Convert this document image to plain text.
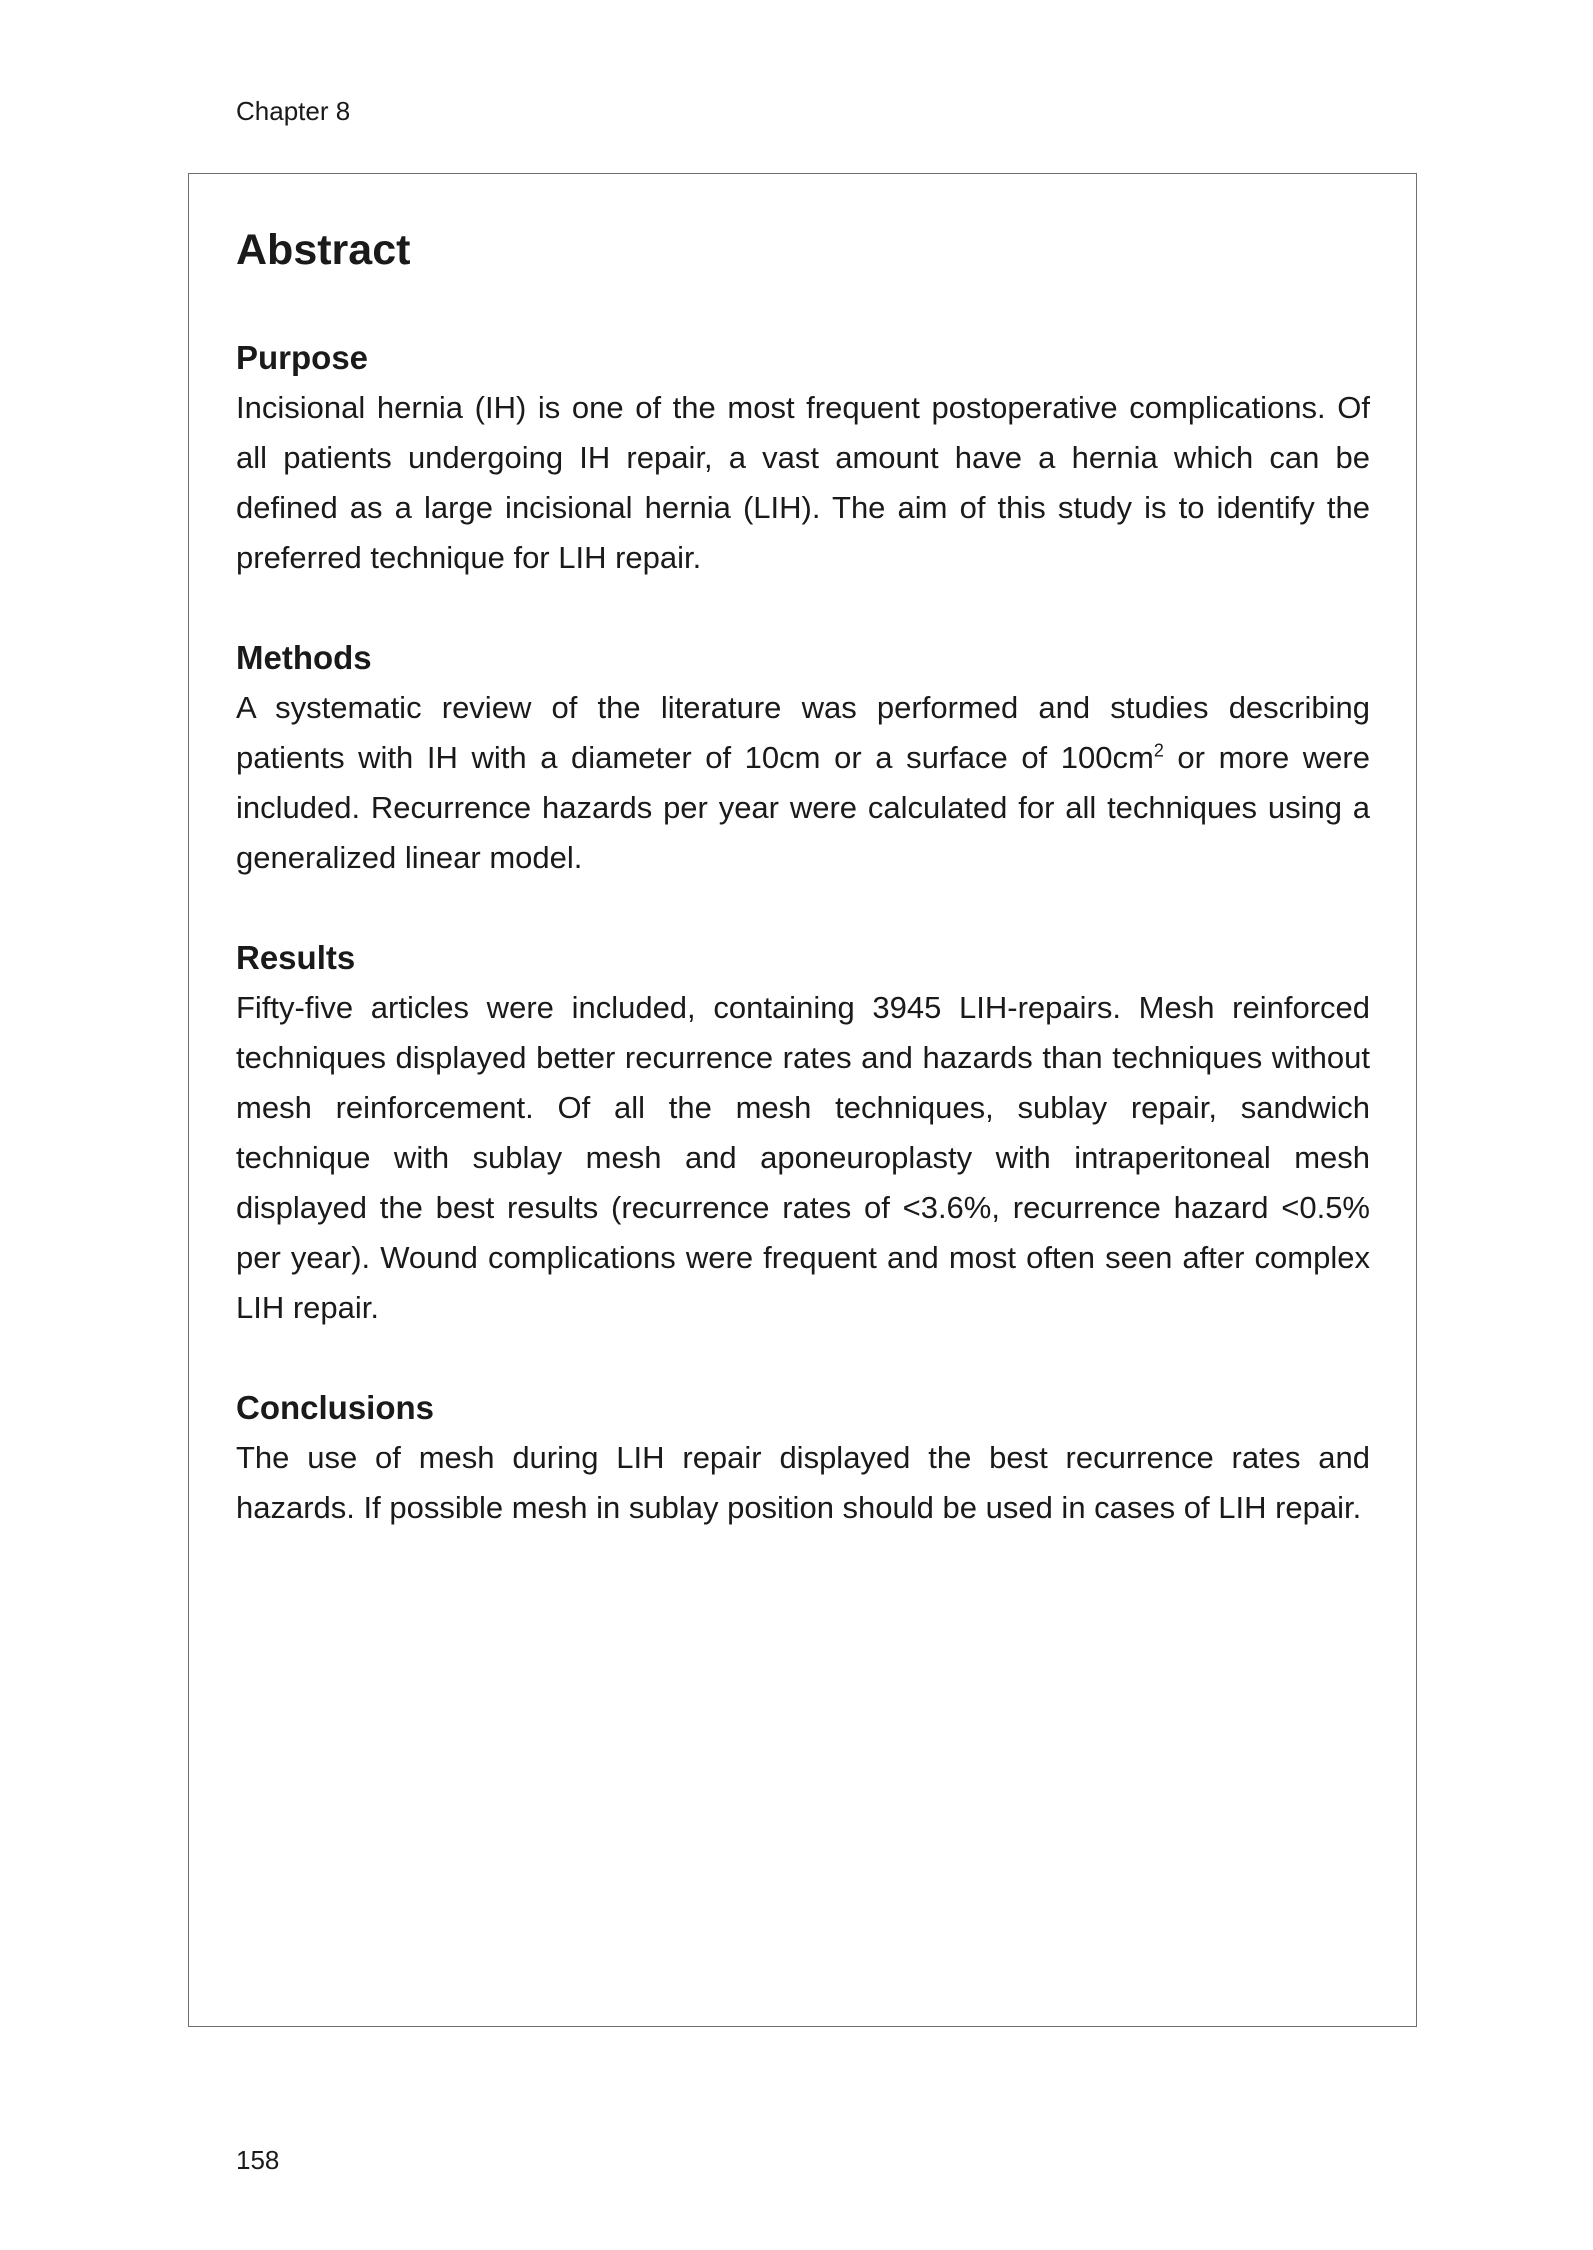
Chapter 8
Abstract
Purpose

Incisional hernia (IH) is one of the most frequent postoperative complications. Of all patients undergoing IH repair, a vast amount have a hernia which can be defined as a large incisional hernia (LIH). The aim of this study is to identify the preferred technique for LIH repair.

Methods

A systematic review of the literature was performed and studies describing patients with IH with a diameter of 10cm or a surface of $100cm^2$ or more were included. Recurrence hazards per year were calculated for all techniques using a generalized linear model.

Results

Fifty-five articles were included, containing 3945 LIH-repairs. Mesh reinforced techniques displayed better recurrence rates and hazards than techniques without mesh reinforcement. Of all the mesh techniques, sublay repair, sandwich technique with sublay mesh and aponeuroplasty with intraperitoneal mesh displayed the best results (recurrence rates of <3.6%, recurrence hazard <0.5% per year). Wound complications were frequent and most often seen after complex LIH repair.

Conclusions

The use of mesh during LIH repair displayed the best recurrence rates and hazards. If possible mesh in sublay position should be used in cases of LIH repair.

158
